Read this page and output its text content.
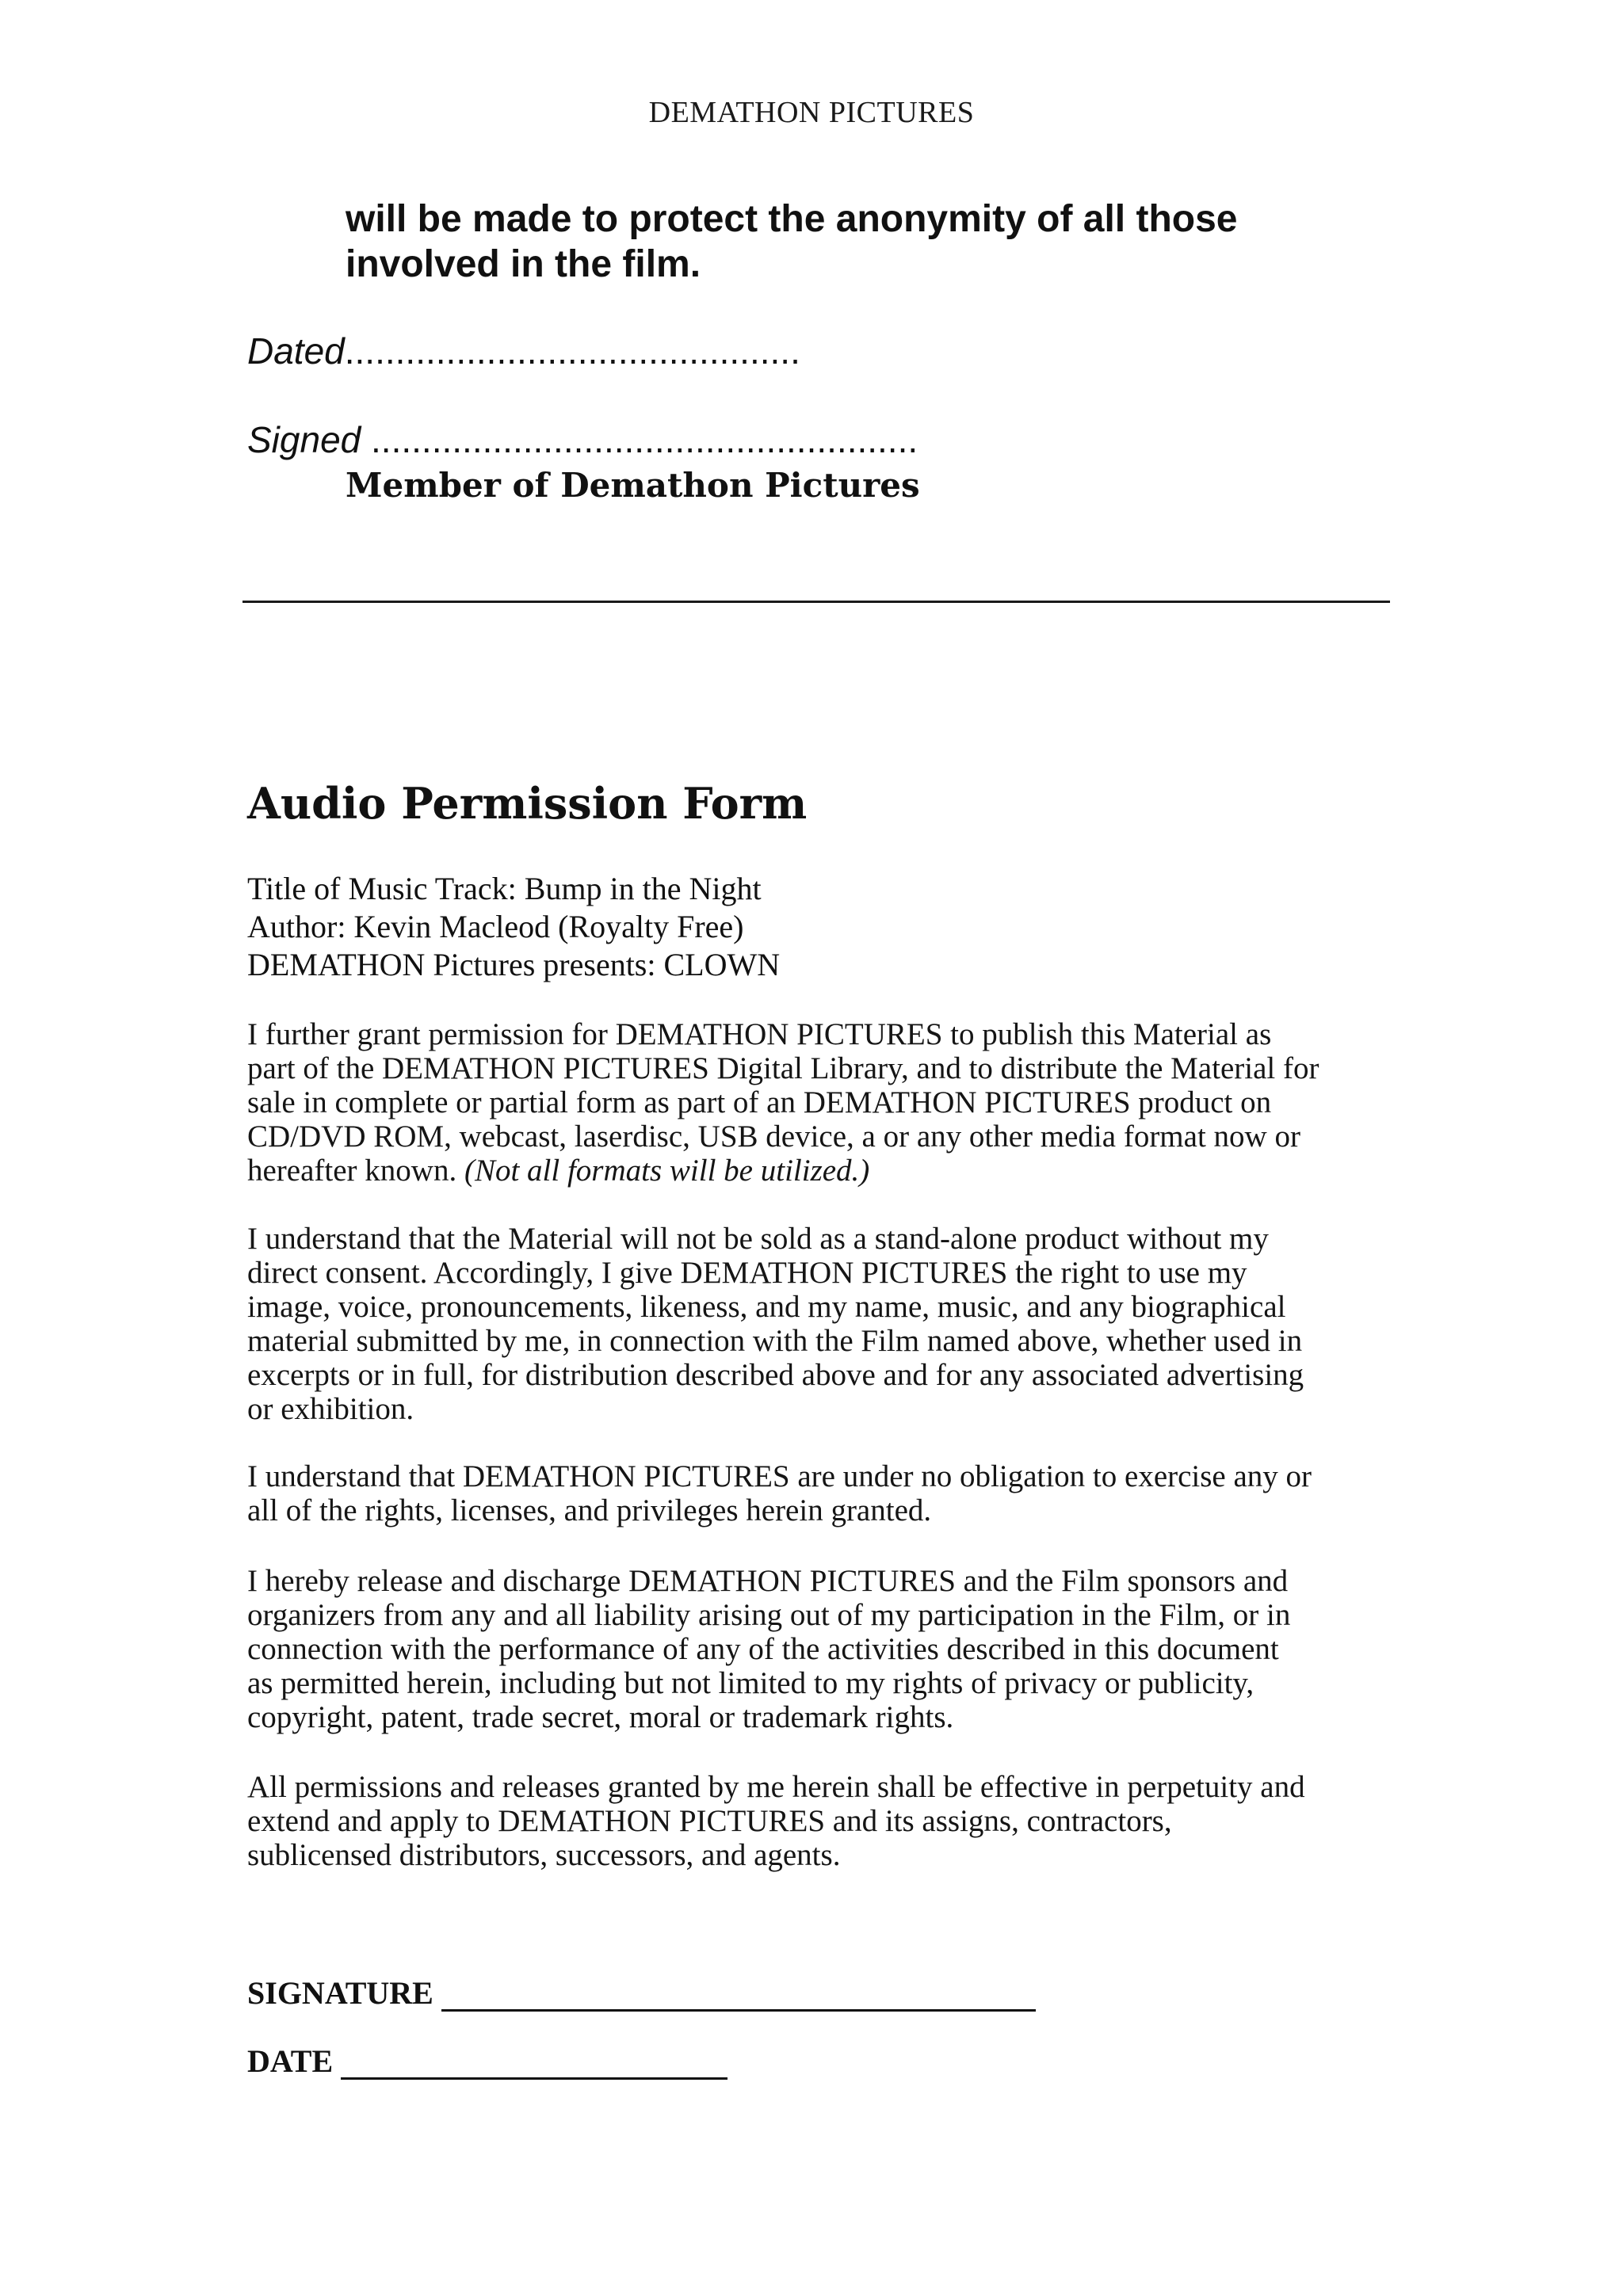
DEMATHON PICTURES
will be made to protect the anonymity of all those
involved in the film.
Dated.............................................
Signed ......................................................
Member of Demathon Pictures
Audio Permission Form
Title of Music Track: Bump in the Night
Author: Kevin Macleod (Royalty Free)
DEMATHON Pictures presents: CLOWN
I further grant permission for DEMATHON PICTURES to publish this Material as
part of the DEMATHON PICTURES Digital Library, and to distribute the Material for
sale in complete or partial form as part of an DEMATHON PICTURES product on
CD/DVD ROM, webcast, laserdisc, USB device, a or any other media format now or
hereafter known. (Not all formats will be utilized.)
I understand that the Material will not be sold as a stand-alone product without my
direct consent. Accordingly, I give DEMATHON PICTURES the right to use my
image, voice, pronouncements, likeness, and my name, music, and any biographical
material submitted by me, in connection with the Film named above, whether used in
excerpts or in full, for distribution described above and for any associated advertising
or exhibition.
I understand that DEMATHON PICTURES are under no obligation to exercise any or
all of the rights, licenses, and privileges herein granted.
I hereby release and discharge DEMATHON PICTURES and the Film sponsors and
organizers from any and all liability arising out of my participation in the Film, or in
connection with the performance of any of the activities described in this document
as permitted herein, including but not limited to my rights of privacy or publicity,
copyright, patent, trade secret, moral or trademark rights.
All permissions and releases granted by me herein shall be effective in perpetuity and
extend and apply to DEMATHON PICTURES and its assigns, contractors,
sublicensed distributors, successors, and agents.
SIGNATURE
DATE
